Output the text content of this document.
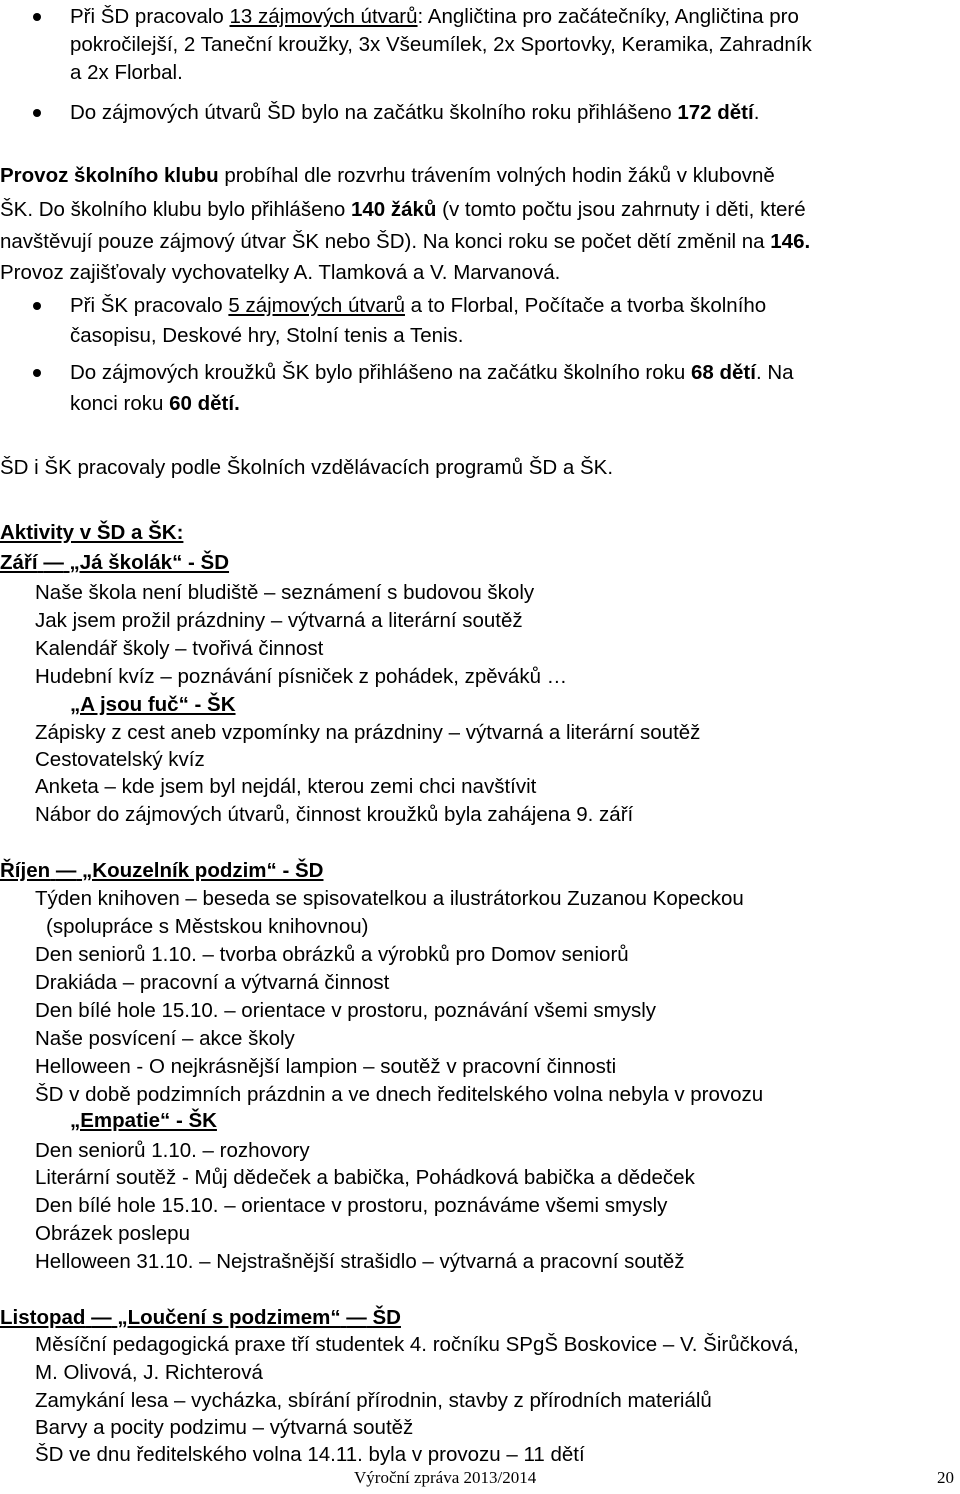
Při ŠD pracovalo 13 zájmových útvarů: Angličtina pro začátečníky, Angličtina pro
pokročilejší, 2 Taneční kroužky, 3x Všeumílek, 2x Sportovky, Keramika, Zahradník
a 2x Florbal.
Do zájmových útvarů ŠD bylo na začátku školního roku přihlášeno 172 dětí.
Provoz školního klubu probíhal dle rozvrhu trávením volných hodin žáků v klubovně
ŠK. Do školního klubu bylo přihlášeno 140 žáků (v tomto počtu jsou zahrnuty i děti, které
navštěvují pouze zájmový útvar ŠK nebo ŠD). Na konci roku se počet dětí změnil na 146.
Provoz zajišťovaly vychovatelky A. Tlamková a V. Marvanová.
Při ŠK pracovalo 5 zájmových útvarů a to Florbal, Počítače a tvorba školního
časopisu, Deskové hry, Stolní tenis a Tenis.
Do zájmových kroužků ŠK bylo přihlášeno na začátku školního roku 68 dětí. Na
konci roku 60 dětí.
ŠD i ŠK pracovaly podle Školních vzdělávacích programů ŠD a ŠK.
Aktivity v ŠD a ŠK:
Září — „Já školák“ - ŠD
Naše škola není bludiště – seznámení s budovou školy
Jak jsem prožil prázdniny – výtvarná a literární soutěž
Kalendář školy – tvořivá činnost
Hudební kvíz – poznávání písniček z pohádek, zpěváků …
„A jsou fuč“ - ŠK
Zápisky z cest aneb vzpomínky na prázdniny – výtvarná a literární soutěž
Cestovatelský kvíz
Anketa – kde jsem byl nejdál, kterou zemi chci navštívit
Nábor do zájmových útvarů, činnost kroužků byla zahájena 9. září
Říjen — „Kouzelník podzim“ - ŠD
Týden knihoven – beseda se spisovatelkou a ilustrátorkou Zuzanou Kopeckou
(spolupráce s Městskou knihovnou)
Den seniorů 1.10. – tvorba obrázků a výrobků pro Domov seniorů
Drakiáda – pracovní a výtvarná činnost
Den bílé hole 15.10. – orientace v prostoru, poznávání všemi smysly
Naše posvícení – akce školy
Helloween - O nejkrásnější lampion – soutěž v pracovní činnosti
ŠD v době podzimních prázdnin a ve dnech ředitelského volna nebyla v provozu
„Empatie“ - ŠK
Den seniorů 1.10. – rozhovory
Literární soutěž - Můj dědeček a babička, Pohádková babička a dědeček
Den bílé hole 15.10. – orientace v prostoru, poznáváme všemi smysly
Obrázek poslepu
Helloween 31.10. – Nejstrašnější strašidlo – výtvarná a pracovní soutěž
Listopad — „Loučení s podzimem“ — ŠD
Měsíční pedagogická praxe tří studentek 4. ročníku SPgŠ Boskovice – V. Širůčková,
M. Olivová, J. Richterová
Zamykání lesa – vycházka, sbírání přírodnin, stavby z přírodních materiálů
Barvy a pocity podzimu – výtvarná soutěž
ŠD ve dnu ředitelského volna 14.11. byla v provozu – 11 dětí
Výroční zpráva 2013/2014	20
